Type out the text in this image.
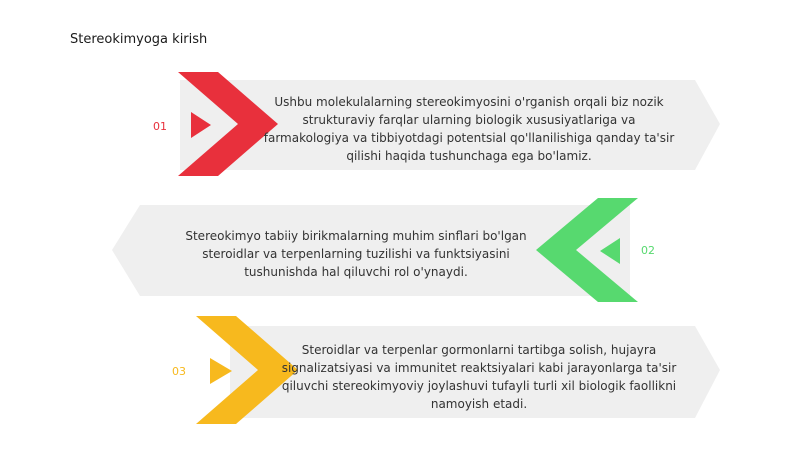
Stereokimyoga kirish
01
02
03
Ushbu molekulalarning stereokimyosini o'rganish orqali biz nozik strukturaviy farqlar ularning biologik xususiyatlariga va farmakologiya va tibbiyotdagi potentsial qo'llanilishiga qanday ta'sir qilishi haqida tushunchaga ega bo'lamiz.
Stereokimyo tabiiy birikmalarning muhim sinflari bo'lgan steroidlar va terpenlarning tuzilishi va funktsiyasini tushunishda hal qiluvchi rol o'ynaydi.
Steroidlar va terpenlar gormonlarni tartibga solish, hujayra signalizatsiyasi va immunitet reaktsiyalari kabi jarayonlarga ta'sir qiluvchi stereokimyoviy joylashuvi tufayli turli xil biologik faollikni namoyish etadi.
